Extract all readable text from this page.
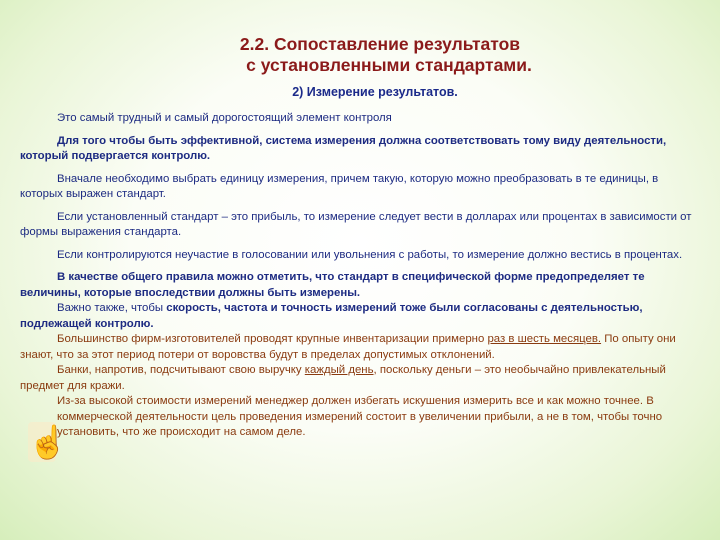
2.2. Сопоставление результатов
с установленными стандартами.
2) Измерение результатов.

Это самый трудный и самый дорогостоящий элемент контроля

Для того чтобы быть эффективной, система измерения должна соответствовать тому виду деятельности, который подвергается контролю.

Вначале необходимо выбрать единицу измерения, причем такую, которую можно преобразовать в те единицы, в которых выражен стандарт.

Если установленный стандарт – это прибыль, то измерение следует вести в долларах или процентах в зависимости от формы выражения стандарта.

Если контролируются неучастие в голосовании или увольнения с работы, то измерение должно вестись в процентах.

В качестве общего правила можно отметить, что стандарт в специфической форме предопределяет те величины, которые впоследствии должны быть измерены.

Важно также, чтобы скорость, частота и точность измерений тоже были согласованы с деятельностью, подлежащей контролю.

Большинство фирм-изготовителей проводят крупные инвентаризации примерно раз в шесть месяцев. По опыту они знают, что за этот период потери от воровства будут в пределах допустимых отклонений.

Банки, напротив, подсчитывают свою выручку каждый день, поскольку деньги – это необычайно привлекательный предмет для кражи.

Из-за высокой стоимости измерений менеджер должен избегать искушения измерить все и как можно точнее. В коммерческой деятельности цель проведения измерений состоит в увеличении прибыли, а не в том, чтобы точно установить, что же происходит на самом деле.

☝
